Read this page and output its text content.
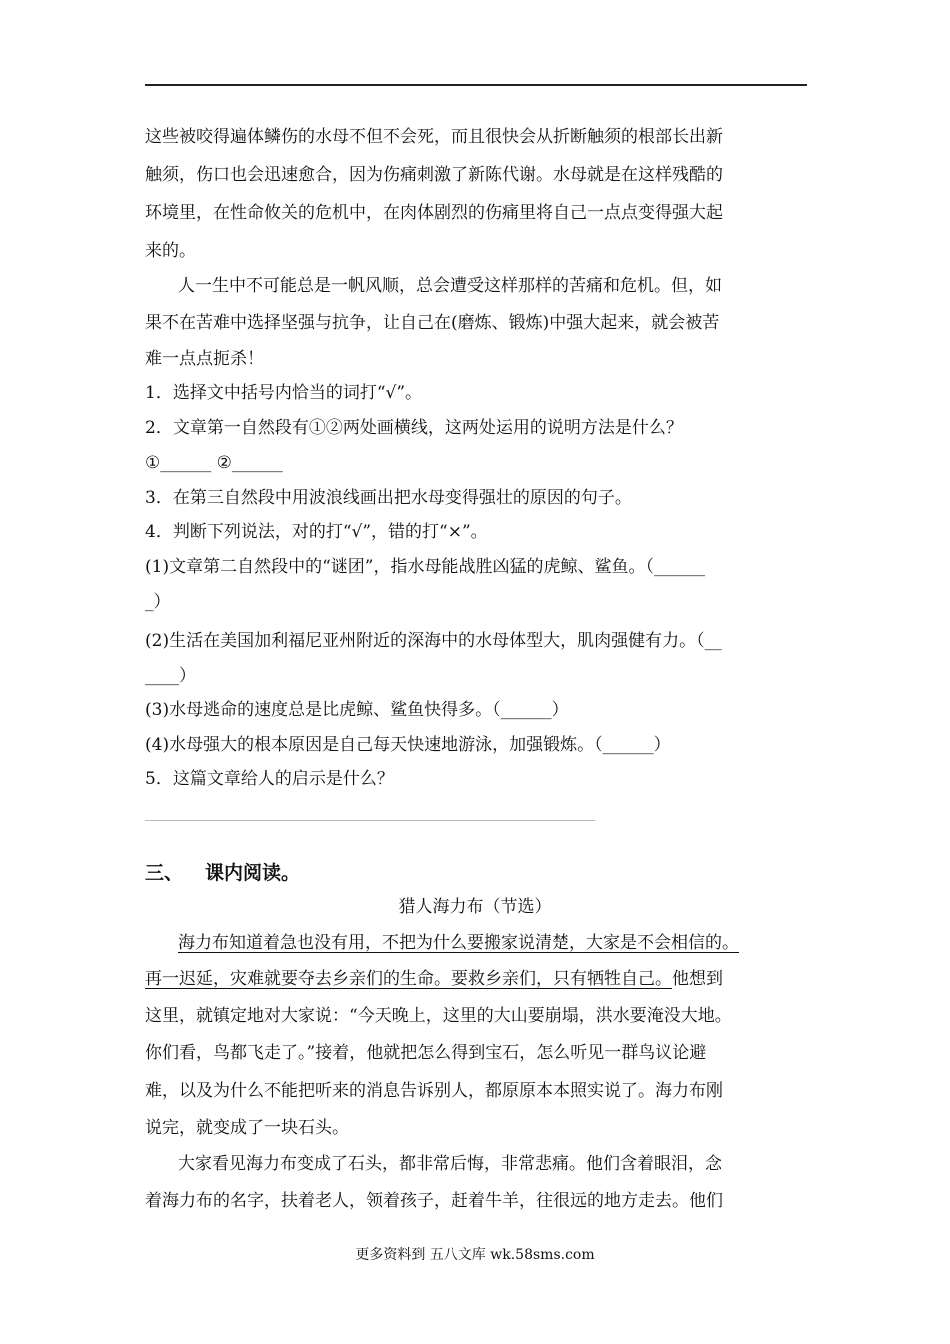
这些被咬得遍体鳞伤的水母不但不会死，而且很快会从折断触须的根部长出新
触须，伤口也会迅速愈合，因为伤痛刺激了新陈代谢。水母就是在这样残酷的
环境里，在性命攸关的危机中，在肉体剧烈的伤痛里将自己一点点变得强大起
来的。
人一生中不可能总是一帆风顺，总会遭受这样那样的苦痛和危机。但，如
果不在苦难中选择坚强与抗争，让自己在(磨炼、锻炼)中强大起来，就会被苦
难一点点扼杀！
1．选择文中括号内恰当的词打“√”。
2．文章第一自然段有①②两处画横线，这两处运用的说明方法是什么？
①______ ②______
3．在第三自然段中用波浪线画出把水母变得强壮的原因的句子。
4．判断下列说法，对的打“√”，错的打“×”。
(1)文章第二自然段中的“谜团”，指水母能战胜凶猛的虎鲸、鲨鱼。（______
_）
(2)生活在美国加利福尼亚州附近的深海中的水母体型大，肌肉强健有力。（__
____）
(3)水母逃命的速度总是比虎鲸、鲨鱼快得多。（______）
(4)水母强大的根本原因是自己每天快速地游泳，加强锻炼。（______）
5．这篇文章给人的启示是什么？
三、 课内阅读。
猎人海力布（节选）
海力布知道着急也没有用，不把为什么要搬家说清楚，大家是不会相信的。
再一迟延，灾难就要夺去乡亲们的生命。要救乡亲们，只有牺牲自己。他想到
这里，就镇定地对大家说：“今天晚上，这里的大山要崩塌，洪水要淹没大地。
你们看，鸟都飞走了。”接着，他就把怎么得到宝石，怎么听见一群鸟议论避
难，以及为什么不能把听来的消息告诉别人，都原原本本照实说了。海力布刚
说完，就变成了一块石头。
大家看见海力布变成了石头，都非常后悔，非常悲痛。他们含着眼泪，念
着海力布的名字，扶着老人，领着孩子，赶着牛羊，往很远的地方走去。他们
更多资料到 五八文库 wk.58sms.com
